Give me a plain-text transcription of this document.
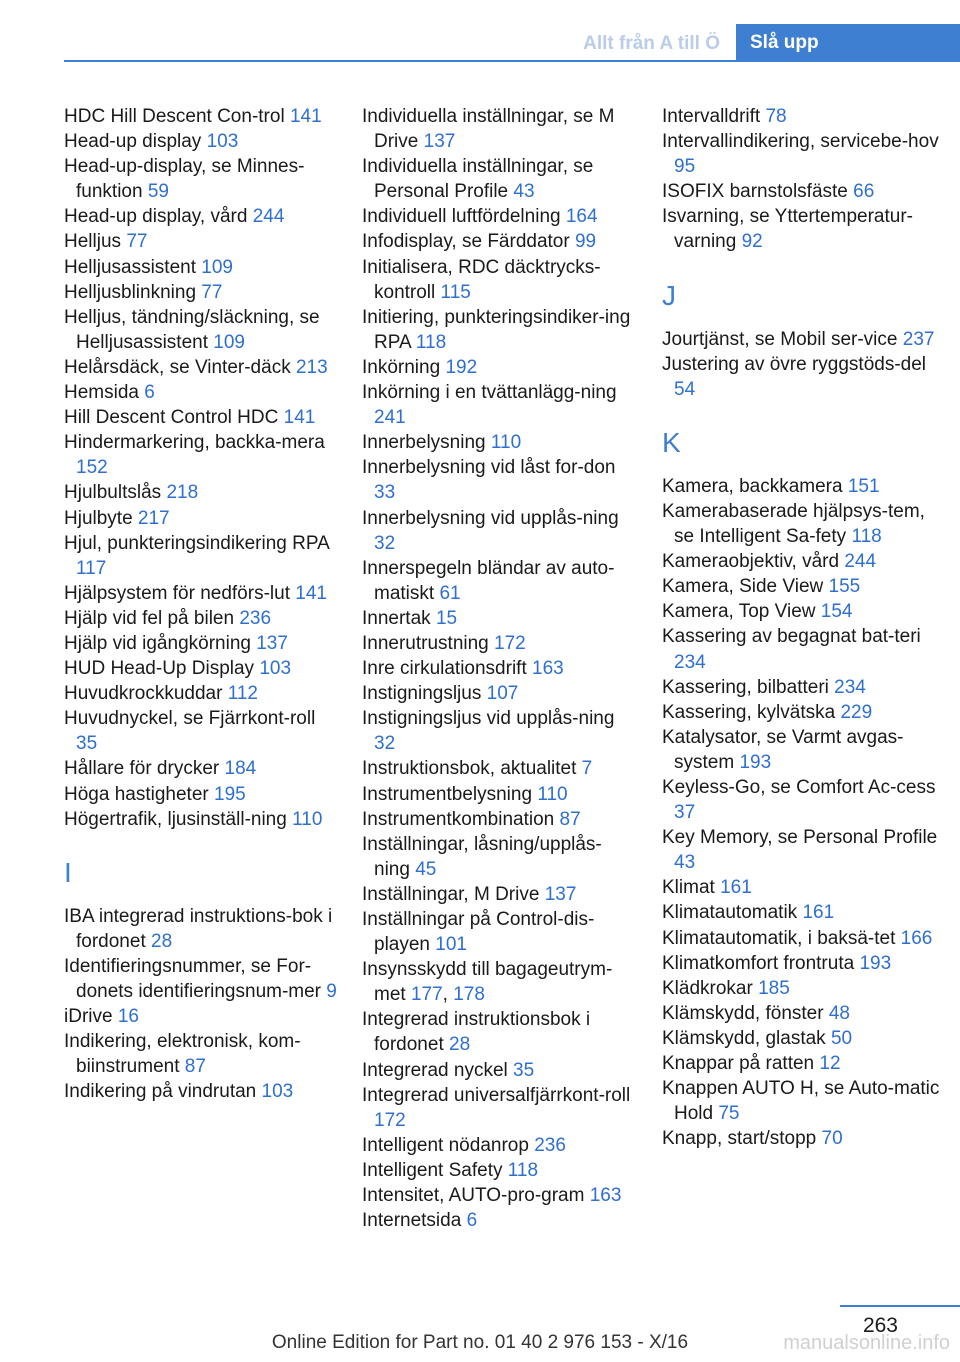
Allt från A till Ö	Slå upp
HDC Hill Descent Con‐trol 141
Head-up display 103
Head-up-display, se Minnes‐funktion 59
Head-up display, vård 244
Helljus 77
Helljusassistent 109
Helljusblinkning 77
Helljus, tändning/släckning, se Helljusassistent 109
Helårsdäck, se Vinter‐däck 213
Hemsida 6
Hill Descent Control HDC 141
Hindermarkering, backka‐mera 152
Hjulbultslås 218
Hjulbyte 217
Hjul, punkteringsindikering RPA 117
Hjälpsystem för nedförs‐lut 141
Hjälp vid fel på bilen 236
Hjälp vid igångkörning 137
HUD Head-Up Display 103
Huvudkrockkuddar 112
Huvudnyckel, se Fjärrkont‐roll 35
Hållare för drycker 184
Höga hastigheter 195
Högertrafik, ljusinställ‐ning 110
I
IBA integrerad instruktions‐bok i fordonet 28
Identifieringsnummer, se For‐donets identifieringsnum‐mer 9
iDrive 16
Indikering, elektronisk, kom‐biinstrument 87
Indikering på vindrutan 103
Individuella inställningar, se M Drive 137
Individuella inställningar, se Personal Profile 43
Individuell luftfördelning 164
Infodisplay, se Färddator 99
Initialisera, RDC däcktrycks‐kontroll 115
Initiering, punkteringsindiker‐ing RPA 118
Inkörning 192
Inkörning i en tvättanlägg‐ning 241
Innerbelysning 110
Innerbelysning vid låst for‐don 33
Innerbelysning vid upplås‐ning 32
Innerspegeln bländar av auto‐matiskt 61
Innertak 15
Innerutrustning 172
Inre cirkulationsdrift 163
Instigningsljus 107
Instigningsljus vid upplås‐ning 32
Instruktionsbok, aktualitet 7
Instrumentbelysning 110
Instrumentkombination 87
Inställningar, låsning/upplås‐ning 45
Inställningar, M Drive 137
Inställningar på Control-dis‐playen 101
Insynsskydd till bagageutrym‐met 177, 178
Integrerad instruktionsbok i fordonet 28
Integrerad nyckel 35
Integrerad universalfjärrkont‐roll 172
Intelligent nödanrop 236
Intelligent Safety 118
Intensitet, AUTO-pro‐gram 163
Internetsida 6
Intervalldrift 78
Intervallindikering, servicebe‐hov 95
ISOFIX barnstolsfäste 66
Isvarning, se Yttertemperatur‐varning 92
J
Jourtjänst, se Mobil ser‐vice 237
Justering av övre ryggstöds‐del 54
K
Kamera, backkamera 151
Kamerabaserade hjälpsys‐tem, se Intelligent Sa‐fety 118
Kameraobjektiv, vård 244
Kamera, Side View 155
Kamera, Top View 154
Kassering av begagnat bat‐teri 234
Kassering, bilbatteri 234
Kassering, kylvätska 229
Katalysator, se Varmt avgas‐system 193
Keyless-Go, se Comfort Ac‐cess 37
Key Memory, se Personal Profile 43
Klimat 161
Klimatautomatik 161
Klimatautomatik, i baksä‐tet 166
Klimatkomfort frontruta 193
Klädkrokar 185
Klämskydd, fönster 48
Klämskydd, glastak 50
Knappar på ratten 12
Knappen AUTO H, se Auto‐matic Hold 75
Knapp, start/stopp 70
263
Online Edition for Part no. 01 40 2 976 153 - X/16	manualsonline.info
